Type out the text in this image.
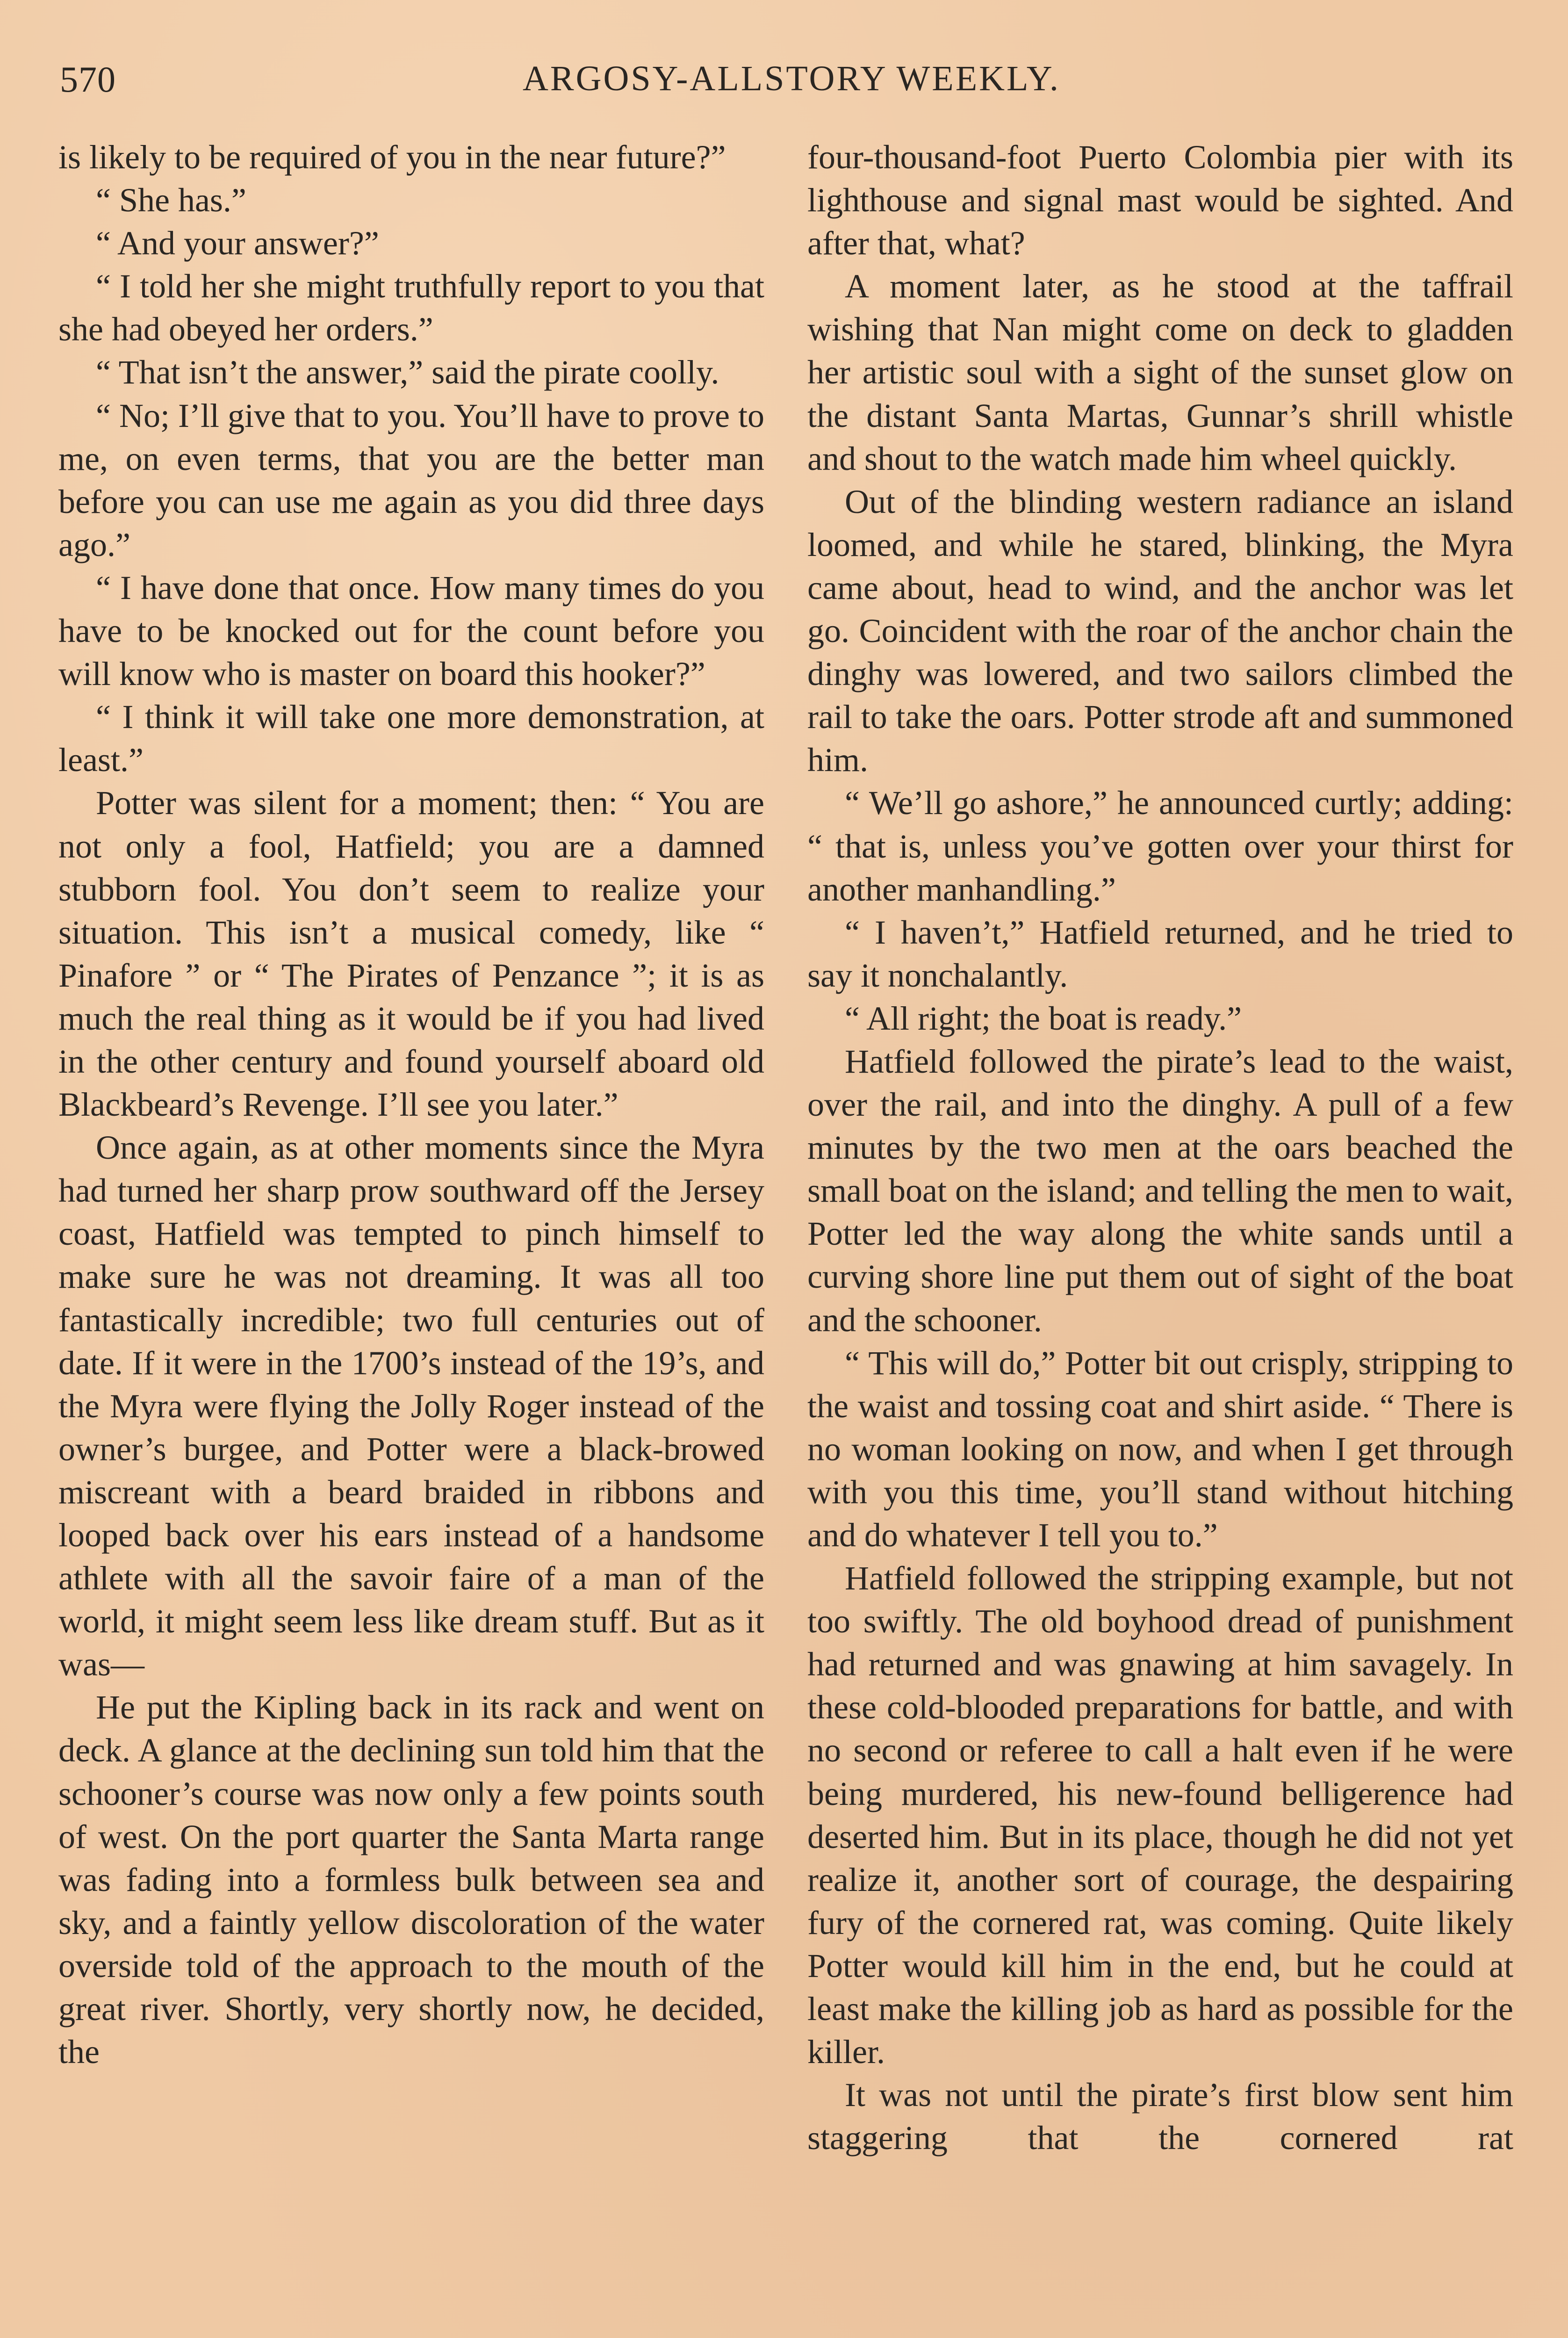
570	ARGOSY-ALLSTORY WEEKLY.

is likely to be required of you in the near future?”

“ She has.”

“ And your answer?”

“ I told her she might truthfully report to you that she had obeyed her orders.”

“ That isn’t the answer,” said the pirate coolly.

“ No; I’ll give that to you. You’ll have to prove to me, on even terms, that you are the better man before you can use me again as you did three days ago.”

“ I have done that once. How many times do you have to be knocked out for the count before you will know who is master on board this hooker?”

“ I think it will take one more demonstration, at least.”

Potter was silent for a moment; then: “ You are not only a fool, Hatfield; you are a damned stubborn fool. You don’t seem to realize your situation. This isn’t a musical comedy, like “ Pinafore ” or “ The Pirates of Penzance ”; it is as much the real thing as it would be if you had lived in the other century and found yourself aboard old Blackbeard’s Revenge. I’ll see you later.”

Once again, as at other moments since the Myra had turned her sharp prow southward off the Jersey coast, Hatfield was tempted to pinch himself to make sure he was not dreaming. It was all too fantastically incredible; two full centuries out of date. If it were in the 1700’s instead of the 19’s, and the Myra were flying the Jolly Roger instead of the owner’s burgee, and Potter were a black-browed miscreant with a beard braided in ribbons and looped back over his ears instead of a handsome athlete with all the savoir faire of a man of the world, it might seem less like dream stuff. But as it was—

He put the Kipling back in its rack and went on deck. A glance at the declining sun told him that the schooner’s course was now only a few points south of west. On the port quarter the Santa Marta range was fading into a formless bulk between sea and sky, and a faintly yellow discoloration of the water overside told of the approach to the mouth of the great river. Shortly, very shortly now, he decided, the

four-thousand-foot Puerto Colombia pier with its lighthouse and signal mast would be sighted. And after that, what?

A moment later, as he stood at the taffrail wishing that Nan might come on deck to gladden her artistic soul with a sight of the sunset glow on the distant Santa Martas, Gunnar’s shrill whistle and shout to the watch made him wheel quickly.

Out of the blinding western radiance an island loomed, and while he stared, blinking, the Myra came about, head to wind, and the anchor was let go. Coincident with the roar of the anchor chain the dinghy was lowered, and two sailors climbed the rail to take the oars. Potter strode aft and summoned him.

“ We’ll go ashore,” he announced curtly; adding: “ that is, unless you’ve gotten over your thirst for another manhandling.”

“ I haven’t,” Hatfield returned, and he tried to say it nonchalantly.

“ All right; the boat is ready.”

Hatfield followed the pirate’s lead to the waist, over the rail, and into the dinghy. A pull of a few minutes by the two men at the oars beached the small boat on the island; and telling the men to wait, Potter led the way along the white sands until a curving shore line put them out of sight of the boat and the schooner.

“ This will do,” Potter bit out crisply, stripping to the waist and tossing coat and shirt aside. “ There is no woman looking on now, and when I get through with you this time, you’ll stand without hitching and do whatever I tell you to.”

Hatfield followed the stripping example, but not too swiftly. The old boyhood dread of punishment had returned and was gnawing at him savagely. In these cold-blooded preparations for battle, and with no second or referee to call a halt even if he were being murdered, his new-found belligerence had deserted him. But in its place, though he did not yet realize it, another sort of courage, the despairing fury of the cornered rat, was coming. Quite likely Potter would kill him in the end, but he could at least make the killing job as hard as possible for the killer.

It was not until the pirate’s first blow sent him staggering that the cornered rat
